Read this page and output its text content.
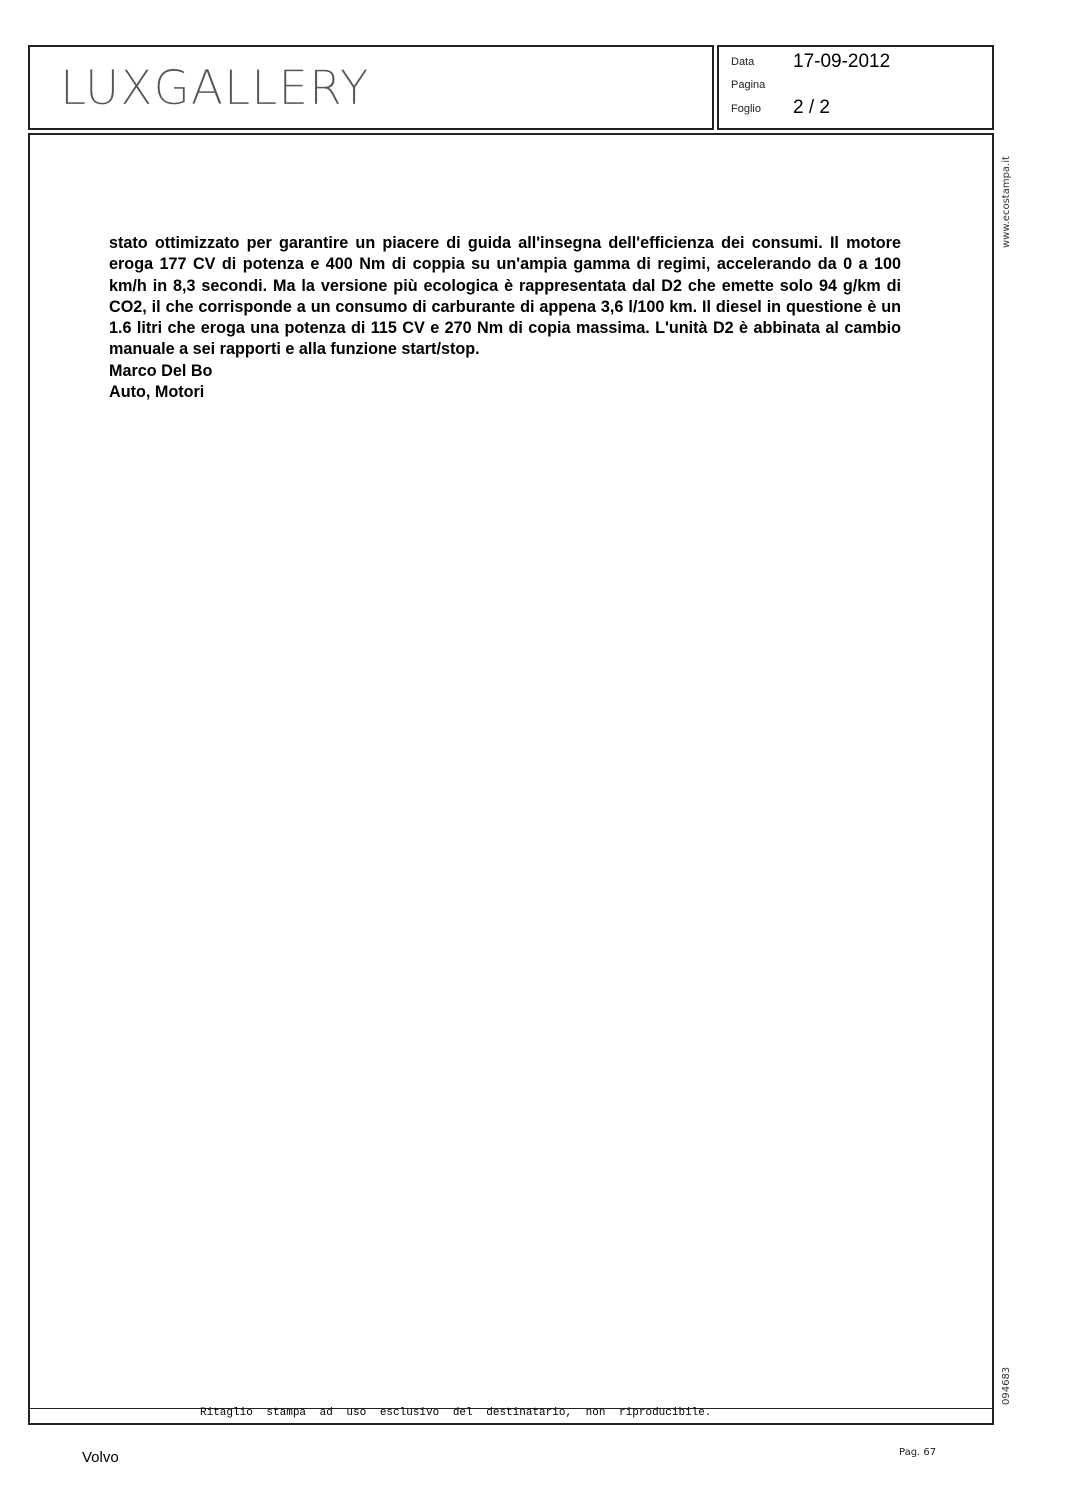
LUXGALLERY	Data 17-09-2012
Pagina
Foglio 2 / 2

stato ottimizzato per garantire un piacere di guida all'insegna dell'efficienza dei consumi. Il motore eroga 177 CV di potenza e 400 Nm di coppia su un'ampia gamma di regimi, accelerando da 0 a 100 km/h in 8,3 secondi. Ma la versione più ecologica è rappresentata dal D2 che emette solo 94 g/km di CO2, il che corrisponde a un consumo di carburante di appena 3,6 l/100 km. Il diesel in questione è un 1.6 litri che eroga una potenza di 115 CV e 270 Nm di copia massima. L'unità D2 è abbinata al cambio manuale a sei rapporti e alla funzione start/stop.

Marco Del Bo

Auto, Motori

www.ecostampa.it
094683
Ritaglio stampa ad uso esclusivo del destinatario, non riproducibile.
Volvo	Pag. 67
